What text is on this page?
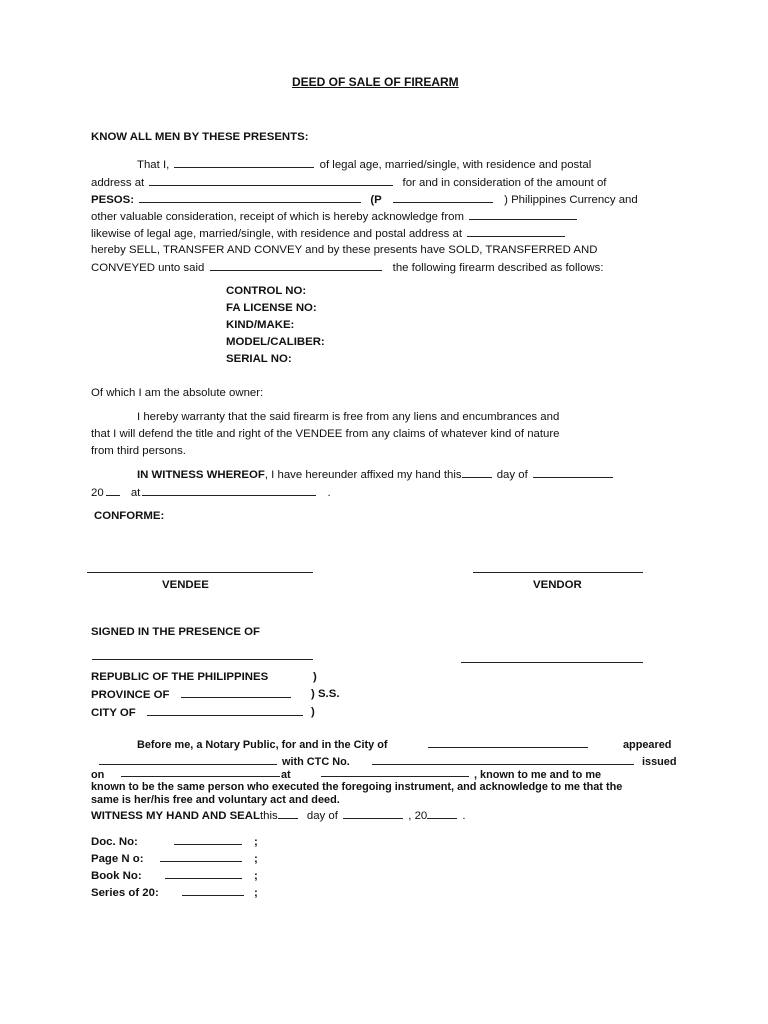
DEED OF SALE OF FIREARM
KNOW ALL MEN BY THESE PRESENTS:
That I,	of legal age, married/single, with residence and postal
address at	for and in consideration of the amount of
PESOS:	(P	) Philippines Currency and
other valuable consideration, receipt of which is hereby acknowledge from
likewise of legal age, married/single, with residence and postal address at
hereby SELL, TRANSFER AND CONVEY and by these presents have SOLD, TRANSFERRED AND
CONVEYED unto said	the following firearm described as follows:
CONTROL NO:
FA LICENSE NO:
KIND/MAKE:
MODEL/CALIBER:
SERIAL NO:
Of which I am the absolute owner:
I hereby warranty that the said firearm is free from any liens and encumbrances and
that I will defend the title and right of the VENDEE from any claims of whatever kind of nature
from third persons.
IN WITNESS WHEREOF, I have hereunder affixed my hand this	day of
20 at	.
CONFORME:
VENDEE	VENDOR
SIGNED IN THE PRESENCE OF
REPUBLIC OF THE PHILIPPINES	)
PROVINCE OF	) S.S.
CITY OF	)
Before me, a Notary Public, for and in the City of	appeared
with CTC No.	issued
on	at	, known to me and to me
known to be the same person who executed the foregoing instrument, and acknowledge to me that the
same is her/his free and voluntary act and deed.
WITNESS MY HAND AND SEALthis	day of	, 20	.
Doc. No:	;
Page N o:	;
Book No:	;
Series of 20:	;
